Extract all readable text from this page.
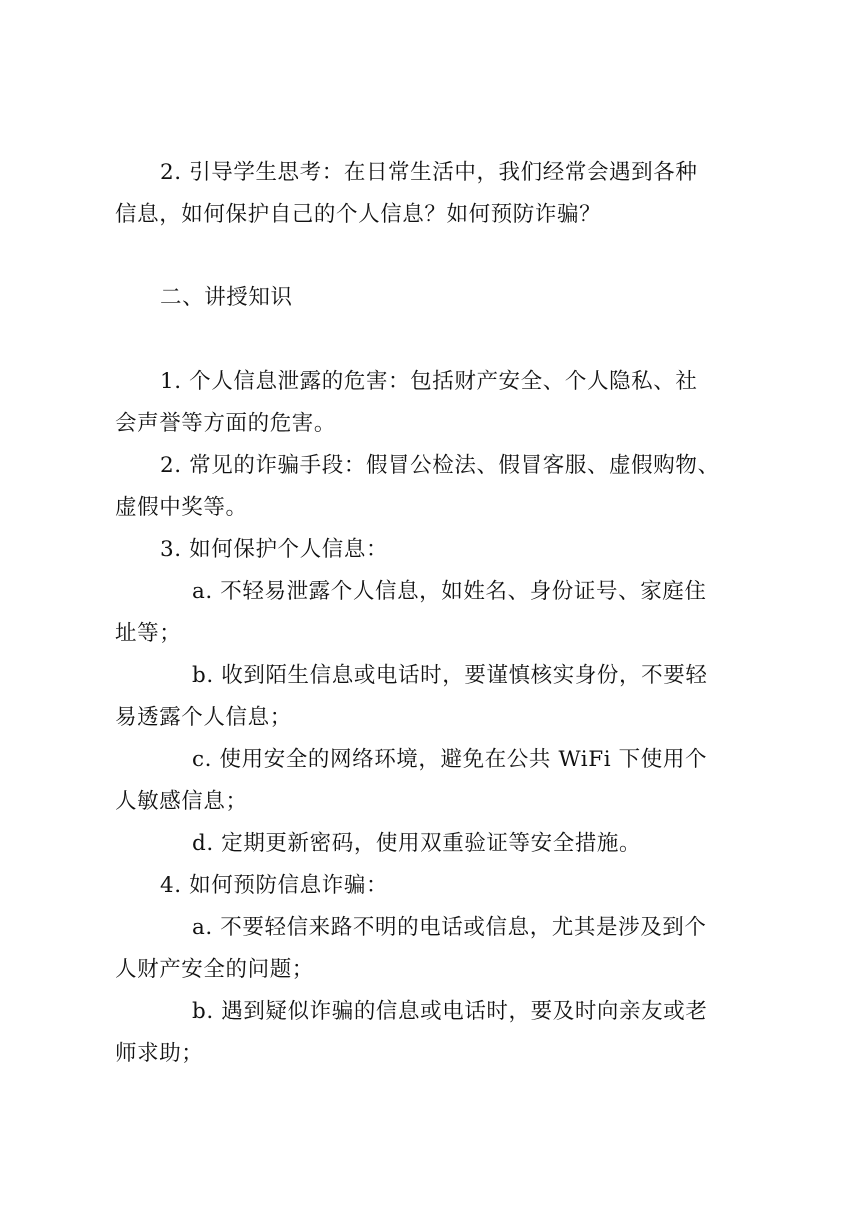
2. 引导学生思考：在日常生活中，我们经常会遇到各种
信息，如何保护自己的个人信息？如何预防诈骗？
二、讲授知识
1. 个人信息泄露的危害：包括财产安全、个人隐私、社
会声誉等方面的危害。
2. 常见的诈骗手段：假冒公检法、假冒客服、虚假购物、
虚假中奖等。
3. 如何保护个人信息：
a. 不轻易泄露个人信息，如姓名、身份证号、家庭住
址等；
b. 收到陌生信息或电话时，要谨慎核实身份，不要轻
易透露个人信息；
c. 使用安全的网络环境，避免在公共 WiFi 下使用个
人敏感信息；
d. 定期更新密码，使用双重验证等安全措施。
4. 如何预防信息诈骗：
a. 不要轻信来路不明的电话或信息，尤其是涉及到个
人财产安全的问题；
b. 遇到疑似诈骗的信息或电话时，要及时向亲友或老
师求助；
